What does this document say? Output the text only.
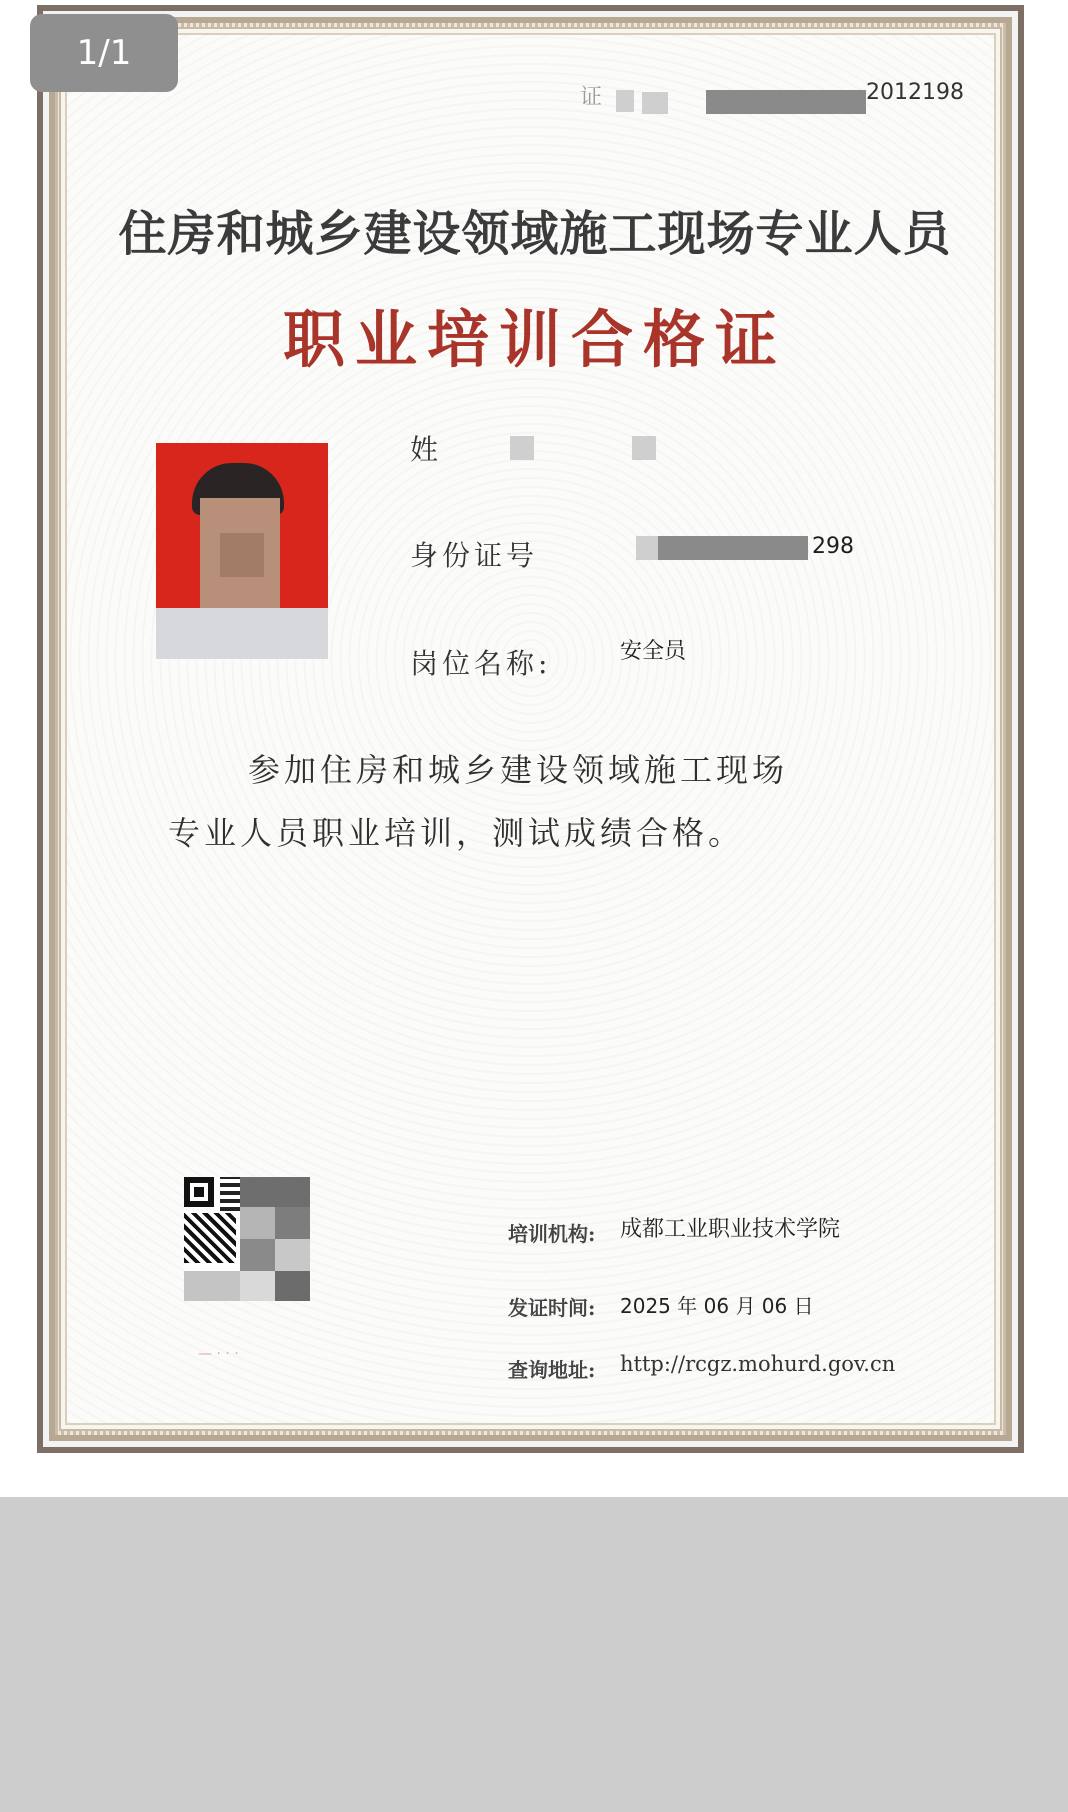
证	2012198
住房和城乡建设领域施工现场专业人员
职业培训合格证
姓
身份证号	298
岗位名称:	安全员
参加住房和城乡建设领域施工现场
专业人员职业培训，测试成绩合格。
— · · ·
培训机构: 成都工业职业技术学院
发证时间: 2025 年 06 月 06 日
查询地址: http://rcgz.mohurd.gov.cn
1/1
